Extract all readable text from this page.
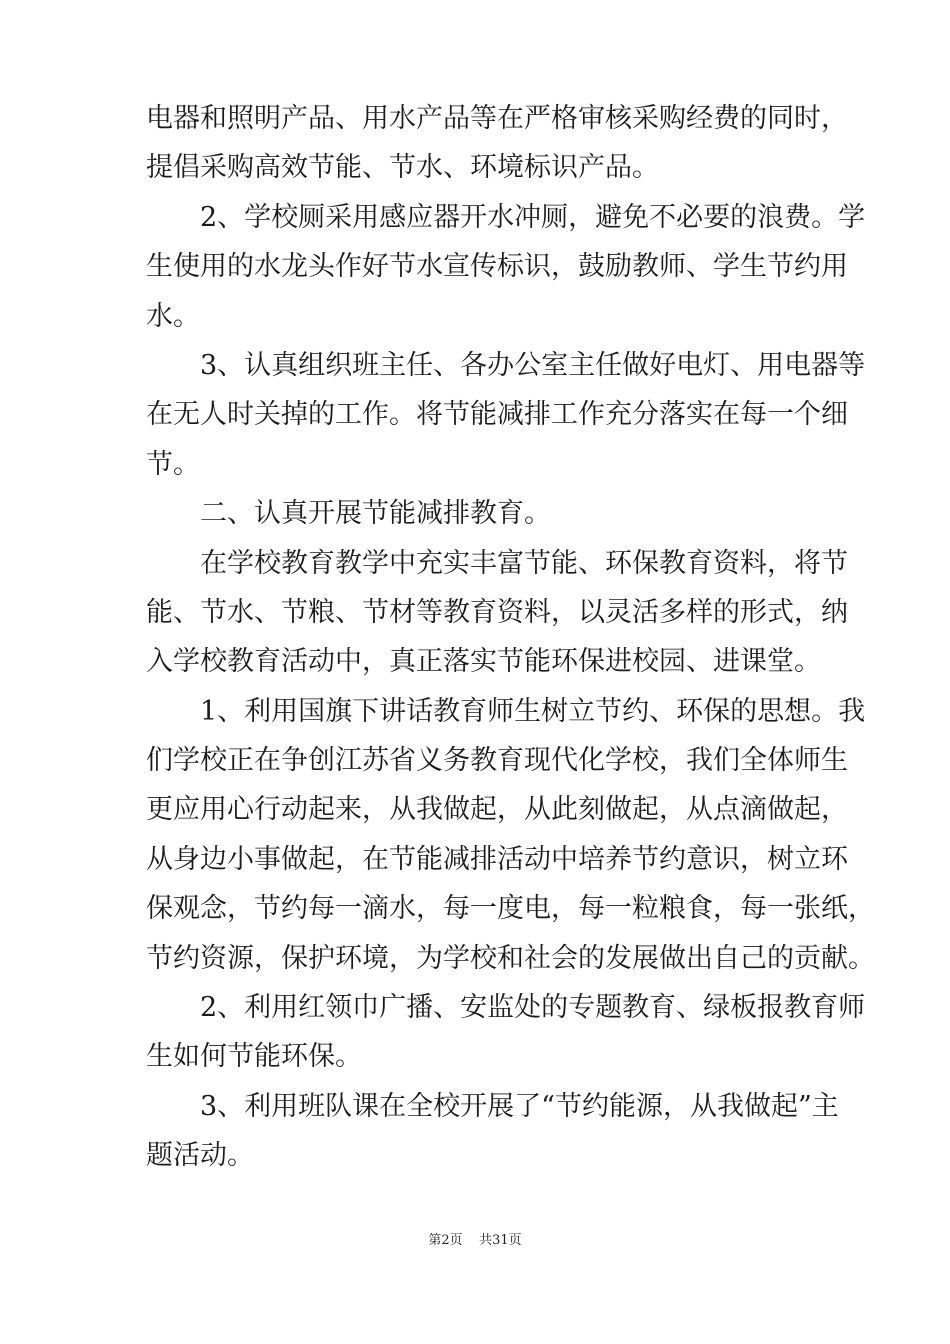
电器和照明产品、用水产品等在严格审核采购经费的同时，
提倡采购高效节能、节水、环境标识产品。
　　2、学校厕采用感应器开水冲厕，避免不必要的浪费。学
生使用的水龙头作好节水宣传标识，鼓励教师、学生节约用
水。
　　3、认真组织班主任、各办公室主任做好电灯、用电器等
在无人时关掉的工作。将节能减排工作充分落实在每一个细
节。
　　二、认真开展节能减排教育。
　　在学校教育教学中充实丰富节能、环保教育资料，将节
能、节水、节粮、节材等教育资料，以灵活多样的形式，纳
入学校教育活动中，真正落实节能环保进校园、进课堂。
　　1、利用国旗下讲话教育师生树立节约、环保的思想。我
们学校正在争创江苏省义务教育现代化学校，我们全体师生
更应用心行动起来，从我做起，从此刻做起，从点滴做起，
从身边小事做起，在节能减排活动中培养节约意识，树立环
保观念，节约每一滴水，每一度电，每一粒粮食，每一张纸，
节约资源，保护环境，为学校和社会的发展做出自己的贡献。
　　2、利用红领巾广播、安监处的专题教育、绿板报教育师
生如何节能环保。
　　3、利用班队课在全校开展了“节约能源，从我做起”主
题活动。
第2页 共31页
